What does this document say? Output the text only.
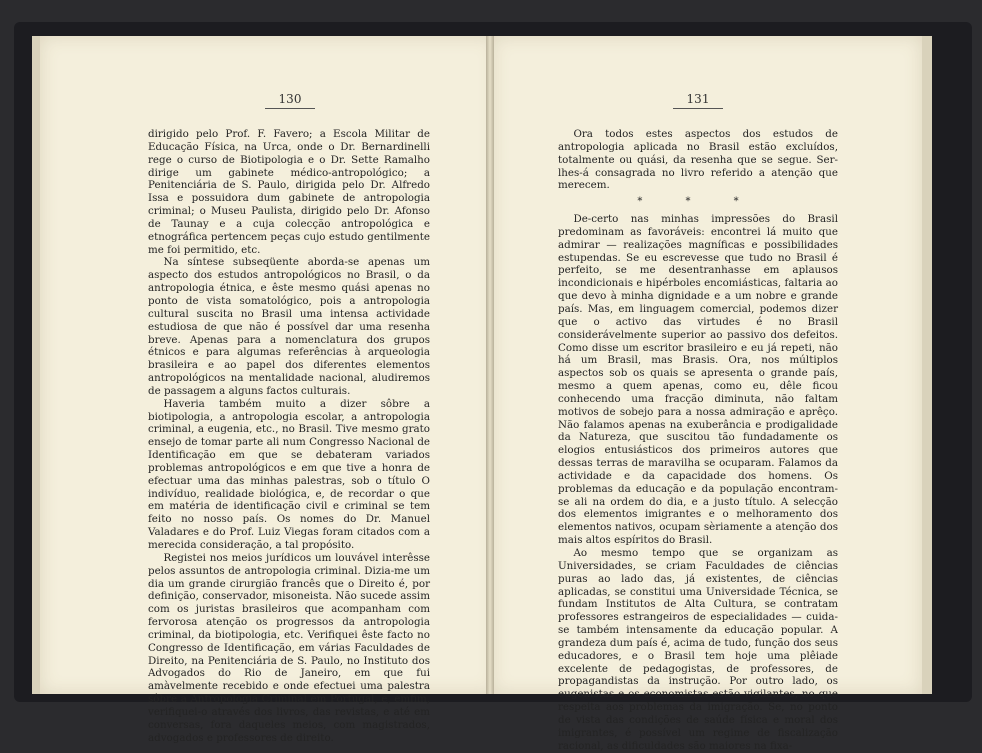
130	131

dirigido pelo Prof. F. Favero; a Escola Militar de Educação Física, na Urca, onde o Dr. Bernardinelli rege o curso de Biotipologia e o Dr. Sette Ramalho dirige um gabinete médico-antropológico; a Penitenciária de S. Paulo, dirigida pelo Dr. Alfredo Issa e possuidora dum gabinete de antropologia criminal; o Museu Paulista, dirigido pelo Dr. Afonso de Taunay e a cuja colecção antropológica e etnográfica pertencem peças cujo estudo gentilmente me foi permitido, etc.

Na síntese subseqüente aborda-se apenas um aspecto dos estudos antropológicos no Brasil, o da antropologia étnica, e êste mesmo quási apenas no ponto de vista somatológico, pois a antropologia cultural suscita no Brasil uma intensa actividade estudiosa de que não é possível dar uma resenha breve. Apenas para a nomenclatura dos grupos étnicos e para algumas referências à arqueologia brasileira e ao papel dos diferentes elementos antropológicos na mentalidade nacional, aludiremos de passagem a alguns factos culturais.

Haveria também muito a dizer sôbre a biotipologia, a antropologia escolar, a antropologia criminal, a eugenia, etc., no Brasil. Tive mesmo grato ensejo de tomar parte ali num Congresso Nacional de Identificação em que se debateram variados problemas antropológicos e em que tive a honra de efectuar uma das minhas palestras, sob o título O indivíduo, realidade biológica, e, de recordar o que em matéria de identificação civil e criminal se tem feito no nosso país. Os nomes do Dr. Manuel Valadares e do Prof. Luiz Viegas foram citados com a merecida consideração, a tal propósito.

Registei nos meios jurídicos um louvável interêsse pelos assuntos de antropologia criminal. Dizia-me um dia um grande cirurgião francês que o Direito é, por definição, conservador, misoneista. Não sucede assim com os juristas brasileiros que acompanham com fervorosa atenção os progressos da antropologia criminal, da biotipologia, etc. Verifiquei êste facto no Congresso de Identificação, em várias Faculdades de Direito, na Penitenciária de S. Paulo, no Instituto dos Advogados do Rio de Janeiro, em que fui amàvelmente recebido e onde efectuei uma palestra sôbre a Antropologia Criminal em Portugal, e, emfim, verifiquei-o através dos livros, das revistas, e até em conversas, fora daqueles meios, com magistrados, advogados e professores de direito.

Ora todos estes aspectos dos estudos de antropologia aplicada no Brasil estão excluídos, totalmente ou quási, da resenha que se segue. Ser-lhes-á consagrada no livro referido a atenção que merecem.

* * *

De-certo nas minhas impressões do Brasil predominam as favoráveis: encontrei lá muito que admirar — realizações magníficas e possibilidades estupendas. Se eu escrevesse que tudo no Brasil é perfeito, se me desentranhasse em aplausos incondicionais e hipérboles encomiásticas, faltaria ao que devo à minha dignidade e a um nobre e grande país. Mas, em linguagem comercial, podemos dizer que o activo das virtudes é no Brasil considerávelmente superior ao passivo dos defeitos. Como disse um escritor brasileiro e eu já repeti, não há um Brasil, mas Brasis. Ora, nos múltiplos aspectos sob os quais se apresenta o grande país, mesmo a quem apenas, como eu, dêle ficou conhecendo uma fracção diminuta, não faltam motivos de sobejo para a nossa admiração e aprêço. Não falamos apenas na exuberância e prodigalidade da Natureza, que suscitou tão fundadamente os elogios entusiásticos dos primeiros autores que dessas terras de maravilha se ocuparam. Falamos da actividade e da capacidade dos homens. Os problemas da educação e da população encontram-se ali na ordem do dia, e a justo título. A selecção dos elementos imigrantes e o melhoramento dos elementos nativos, ocupam sèriamente a atenção dos mais altos espíritos do Brasil.

Ao mesmo tempo que se organizam as Universidades, se criam Faculdades de ciências puras ao lado das, já existentes, de ciências aplicadas, se constitui uma Universidade Técnica, se fundam Institutos de Alta Cultura, se contratam professores estrangeiros de especialidades — cuida-se também intensamente da educação popular. A grandeza dum país é, acima de tudo, função dos seus educadores, e o Brasil tem hoje uma plêiade excelente de pedagogistas, de professores, de propagandistas da instrução. Por outro lado, os eugenistas e os economistas estão vigilantes, no que respeita aos problemas da imigração. Se, no ponto de vista das condições de saúde física e moral dos imigrantes, é possível um regime de fiscalização racional, as dificuldades são maiores na fixa-
